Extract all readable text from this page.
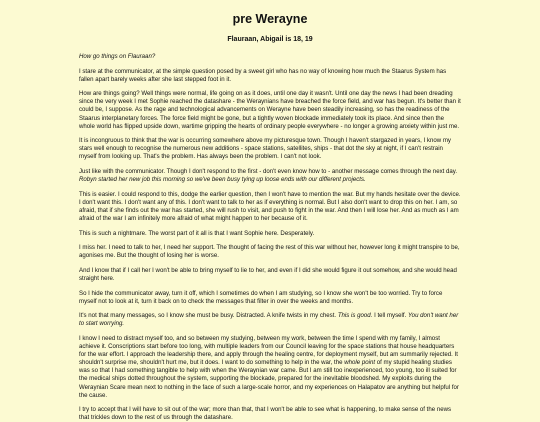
pre Werayne
Flauraan, Abigail is 18, 19

How go things on Flauraan?

I stare at the communicator, at the simple question posed by a sweet girl who has no way of knowing how much the Staarus System has fallen apart barely weeks after she last stepped foot in it.

How are things going? Well things were normal, life going on as it does, until one day it wasn't. Until one day the news I had been dreading since the very week I met Sophie reached the datashare - the Weraynians have breached the force field, and war has begun. It's better than it could be, I suppose. As the rage and technological advancements on Werayne have been steadily increasing, so has the readiness of the Staarus interplanetary forces. The force field might be gone, but a tightly woven blockade immediately took its place. And since then the whole world has flipped upside down, wartime gripping the hearts of ordinary people everywhere - no longer a growing anxiety within just me.

It is incongruous to think that the war is occurring somewhere above my picturesque town. Though I haven't stargazed in years, I know my stars well enough to recognise the numerous new additions - space stations, satellites, ships - that dot the sky at night, if I can't restrain myself from looking up. That's the problem. Has always been the problem. I can't not look.

Just like with the communicator. Though I don't respond to the first - don't even know how to - another message comes through the next day. Robyn started her new job this morning so we've been busy tying up loose ends with our different projects.

This is easier. I could respond to this, dodge the earlier question, then I won't have to mention the war. But my hands hesitate over the device. I don't want this. I don't want any of this. I don't want to talk to her as if everything is normal. But I also don't want to drop this on her. I am, so afraid, that if she finds out the war has started, she will rush to visit, and push to fight in the war. And then I will lose her. And as much as I am afraid of the war I am infinitely more afraid of what might happen to her because of it.

This is such a nightmare. The worst part of it all is that I want Sophie here. Desperately.

I miss her. I need to talk to her, I need her support. The thought of facing the rest of this war without her, however long it might transpire to be, agonises me. But the thought of losing her is worse.

And I know that if I call her I won't be able to bring myself to lie to her, and even if I did she would figure it out somehow, and she would head straight here.

So I hide the communicator away, turn it off, which I sometimes do when I am studying, so I know she won't be too worried. Try to force myself not to look at it, turn it back on to check the messages that filter in over the weeks and months.

It's not that many messages, so I know she must be busy. Distracted. A knife twists in my chest. This is good. I tell myself. You don't want her to start worrying.

I know I need to distract myself too, and so between my studying, between my work, between the time I spend with my family, I almost achieve it. Conscriptions start before too long, with multiple leaders from our Council leaving for the space stations that house headquarters for the war effort. I approach the leadership there, and apply through the healing centre, for deployment myself, but am summarily rejected. It shouldn't surprise me, shouldn't hurt me, but it does. I want to do something to help in the war, the whole point of my stupid healing studies was so that I had something tangible to help with when the Weraynian war came. But I am still too inexperienced, too young, too ill suited for the medical ships dotted throughout the system, supporting the blockade, prepared for the inevitable bloodshed. My exploits during the Weraynian Scare mean next to nothing in the face of such a large-scale horror, and my experiences on Halapatov are anything but helpful for the cause.

I try to accept that I will have to sit out of the war; more than that, that I won't be able to see what is happening, to make sense of the news that trickles down to the rest of us through the datashare.
